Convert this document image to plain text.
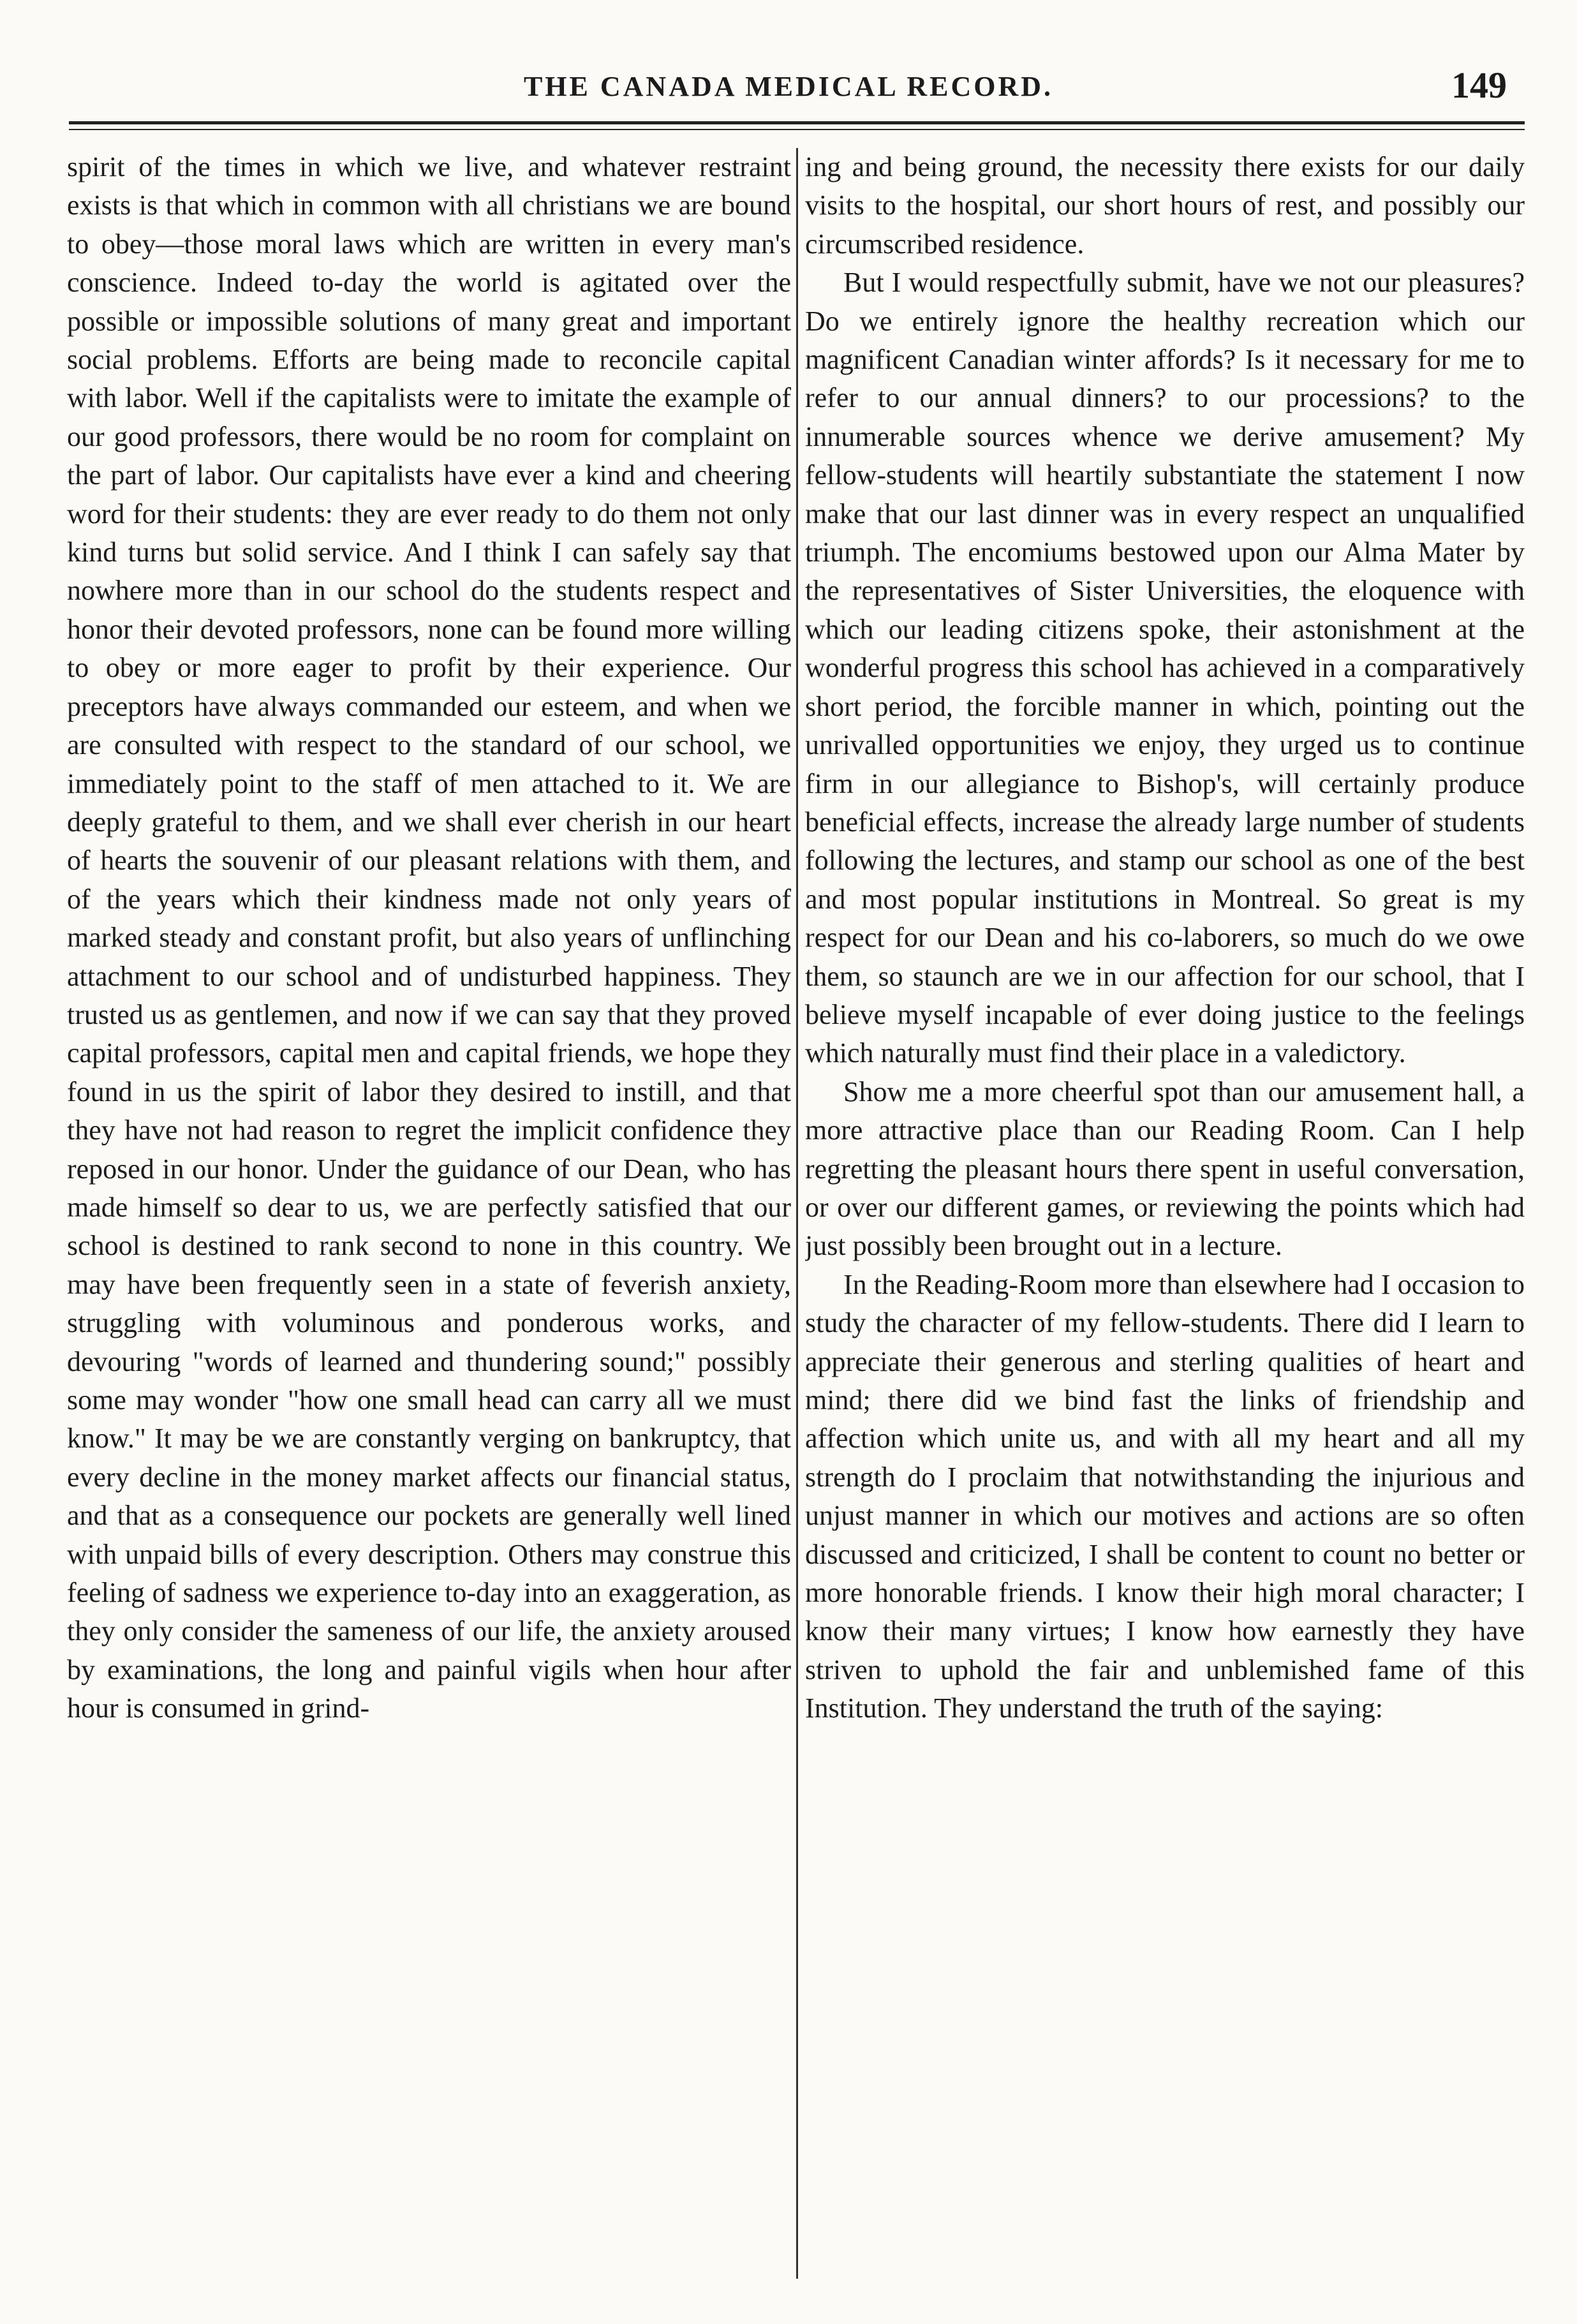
THE CANADA MEDICAL RECORD.	149

spirit of the times in which we live, and whatever restraint exists is that which in common with all christians we are bound to obey—those moral laws which are written in every man's conscience. Indeed to-day the world is agitated over the possible or impossible solutions of many great and important social problems. Efforts are being made to reconcile capital with labor. Well if the capitalists were to imitate the example of our good professors, there would be no room for complaint on the part of labor. Our capitalists have ever a kind and cheering word for their students: they are ever ready to do them not only kind turns but solid service. And I think I can safely say that nowhere more than in our school do the students respect and honor their devoted professors, none can be found more willing to obey or more eager to profit by their experience. Our preceptors have always commanded our esteem, and when we are consulted with respect to the standard of our school, we immediately point to the staff of men attached to it. We are deeply grateful to them, and we shall ever cherish in our heart of hearts the souvenir of our pleasant relations with them, and of the years which their kindness made not only years of marked steady and constant profit, but also years of unflinching attachment to our school and of undisturbed happiness. They trusted us as gentlemen, and now if we can say that they proved capital professors, capital men and capital friends, we hope they found in us the spirit of labor they desired to instill, and that they have not had reason to regret the implicit confidence they reposed in our honor. Under the guidance of our Dean, who has made himself so dear to us, we are perfectly satisfied that our school is destined to rank second to none in this country. We may have been frequently seen in a state of feverish anxiety, struggling with voluminous and ponderous works, and devouring "words of learned and thundering sound;" possibly some may wonder "how one small head can carry all we must know." It may be we are constantly verging on bankruptcy, that every decline in the money market affects our financial status, and that as a consequence our pockets are generally well lined with unpaid bills of every description. Others may construe this feeling of sadness we experience to-day into an exaggeration, as they only consider the sameness of our life, the anxiety aroused by examinations, the long and painful vigils when hour after hour is consumed in grind-

ing and being ground, the necessity there exists for our daily visits to the hospital, our short hours of rest, and possibly our circumscribed residence.

But I would respectfully submit, have we not our pleasures? Do we entirely ignore the healthy recreation which our magnificent Canadian winter affords? Is it necessary for me to refer to our annual dinners? to our processions? to the innumerable sources whence we derive amusement? My fellow-students will heartily substantiate the statement I now make that our last dinner was in every respect an unqualified triumph. The encomiums bestowed upon our Alma Mater by the representatives of Sister Universities, the eloquence with which our leading citizens spoke, their astonishment at the wonderful progress this school has achieved in a comparatively short period, the forcible manner in which, pointing out the unrivalled opportunities we enjoy, they urged us to continue firm in our allegiance to Bishop's, will certainly produce beneficial effects, increase the already large number of students following the lectures, and stamp our school as one of the best and most popular institutions in Montreal. So great is my respect for our Dean and his co-laborers, so much do we owe them, so staunch are we in our affection for our school, that I believe myself incapable of ever doing justice to the feelings which naturally must find their place in a valedictory.

Show me a more cheerful spot than our amusement hall, a more attractive place than our Reading Room. Can I help regretting the pleasant hours there spent in useful conversation, or over our different games, or reviewing the points which had just possibly been brought out in a lecture.

In the Reading-Room more than elsewhere had I occasion to study the character of my fellow-students. There did I learn to appreciate their generous and sterling qualities of heart and mind; there did we bind fast the links of friendship and affection which unite us, and with all my heart and all my strength do I proclaim that notwithstanding the injurious and unjust manner in which our motives and actions are so often discussed and criticized, I shall be content to count no better or more honorable friends. I know their high moral character; I know their many virtues; I know how earnestly they have striven to uphold the fair and unblemished fame of this Institution. They understand the truth of the saying:
